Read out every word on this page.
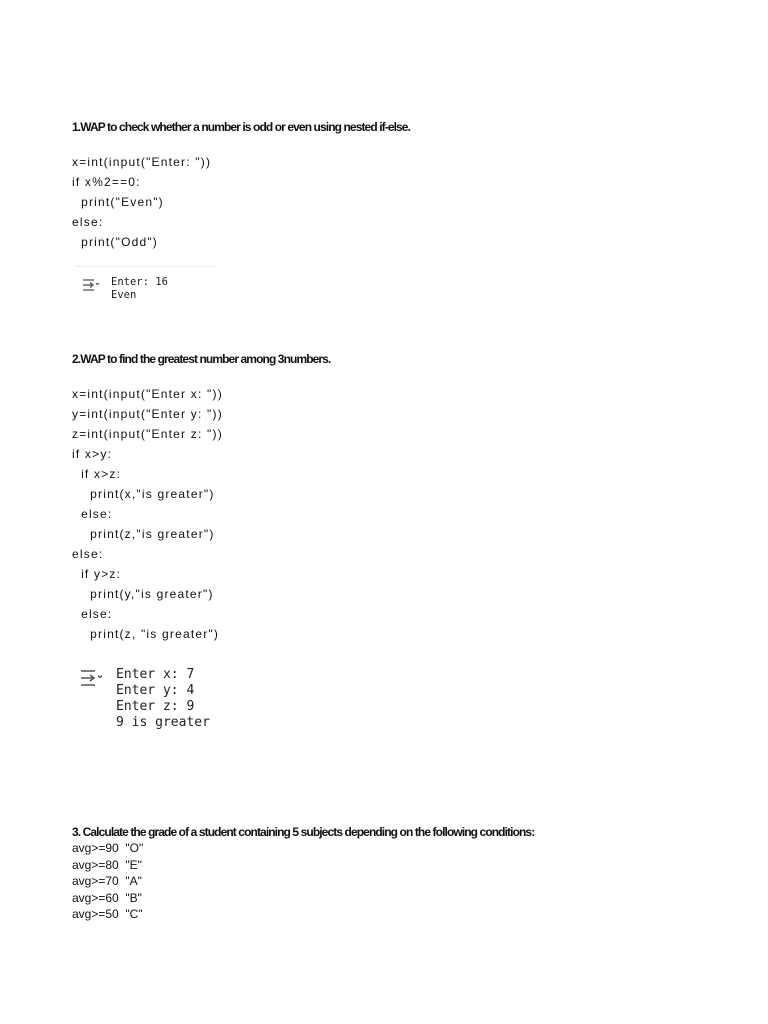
1.WAP to check whether a number is odd or even using nested if-else.
x=int(input("Enter: "))
if x%2==0:
print("Even")
else:
print("Odd")
Enter: 16
Even
2.WAP to find the greatest number among 3numbers.
x=int(input("Enter x: "))
y=int(input("Enter y: "))
z=int(input("Enter z: "))
if x>y:
if x>z:
print(x,"is greater")
else:
print(z,"is greater")
else:
if y>z:
print(y,"is greater")
else:
print(z, "is greater")
Enter x: 7
Enter y: 4
Enter z: 9
9 is greater
3. Calculate the grade of a student containing 5 subjects depending on the following conditions:
avg>=90  "O"
avg>=80  "E"
avg>=70  "A"
avg>=60  "B"
avg>=50  "C"
